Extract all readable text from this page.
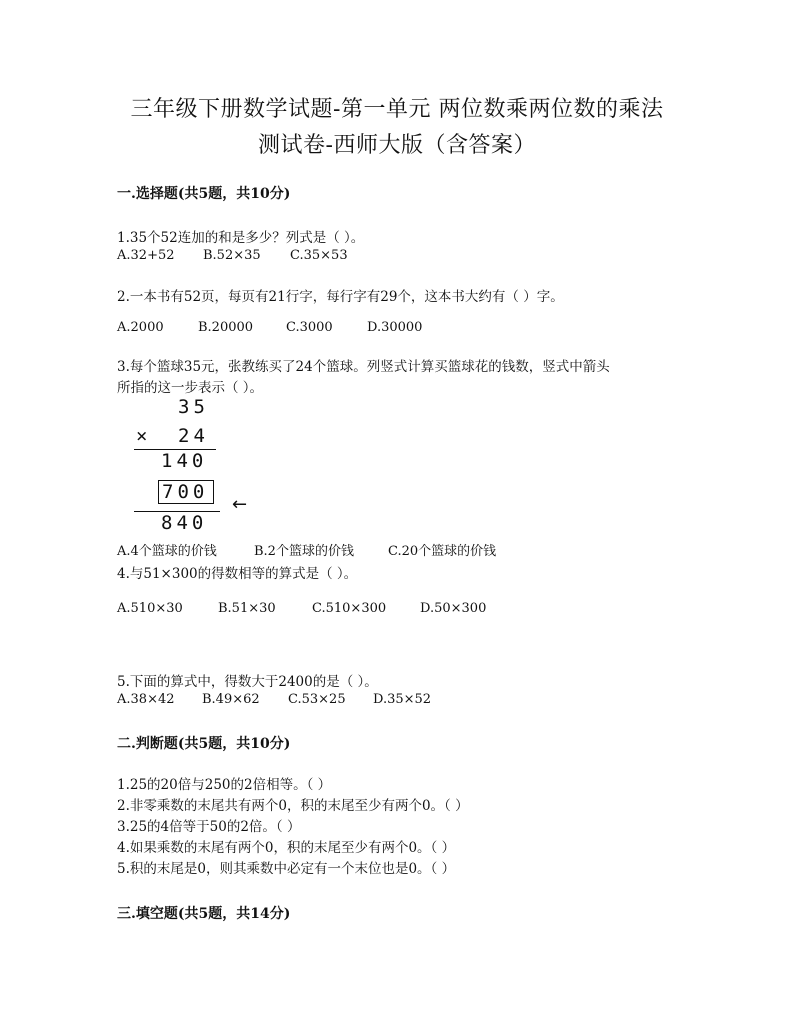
三年级下册数学试题-第一单元 两位数乘两位数的乘法
测试卷-西师大版（含答案）
一.选择题(共5题，共10分)
1.35个52连加的和是多少？列式是（ ）。
A.32+52 B.52×35 C.35×53
2.一本书有52页，每页有21行字，每行字有29个，这本书大约有（ ）字。
A.2000	B.20000	C.3000	D.30000
3.每个篮球35元，张教练买了24个篮球。列竖式计算买篮球花的钱数，竖式中箭头
所指的这一步表示（ ）。
35
× 24
140
700
840
←
A.4个篮球的价钱	B.2个篮球的价钱	C.20个篮球的价钱
4.与51×300的得数相等的算式是（ ）。
A.510×30	B.51×30	C.510×300	D.50×300
5.下面的算式中，得数大于2400的是（ ）。
A.38×42 B.49×62 C.53×25 D.35×52
二.判断题(共5题，共10分)
1.25的20倍与250的2倍相等。（ ）
2.非零乘数的末尾共有两个0，积的末尾至少有两个0。（ ）
3.25的4倍等于50的2倍。（ ）
4.如果乘数的末尾有两个0，积的末尾至少有两个0。（ ）
5.积的末尾是0，则其乘数中必定有一个末位也是0。（ ）
三.填空题(共5题，共14分)
